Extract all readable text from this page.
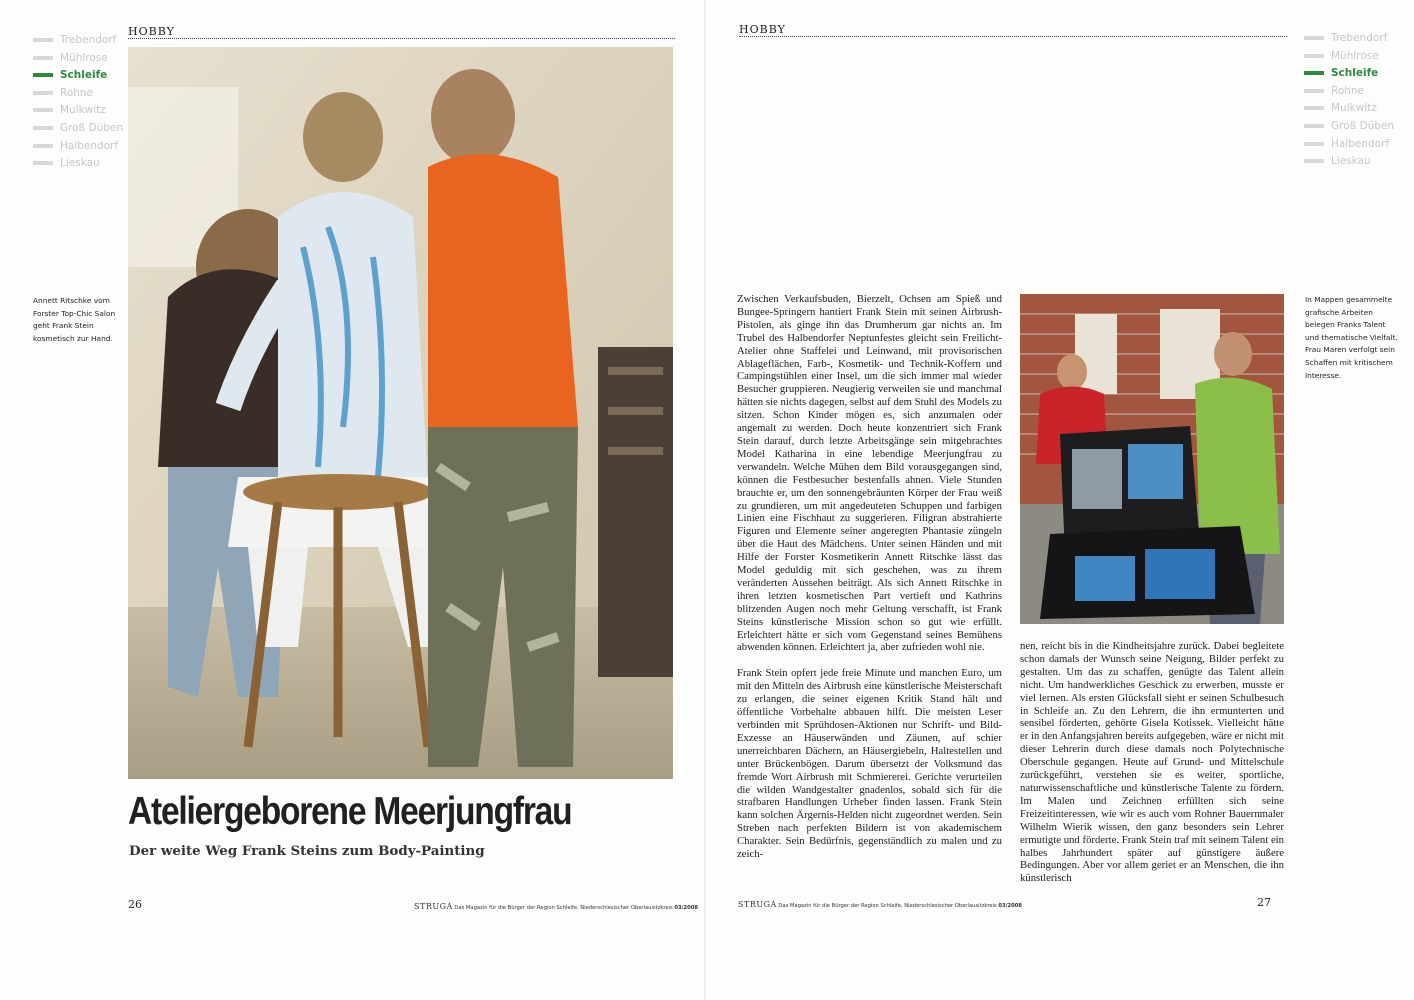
Trebendorf
Mühlrose
Schleife
Rohne
Mulkwitz
Groß Düben
Halbendorf
Lieskau
HOBBY
Annett Ritschke vom Forster Top-Chic Salon geht Frank Stein kosmetisch zur Hand.
Ateliergeborene Meerjungfrau
Der weite Weg Frank Steins zum Body-Painting
26	STRUGA Das Magazin für die Bürger der Region Schleife, Niederschlesischer Oberlausitzkreis 03/2008
HOBBY
Trebendorf
Mühlrose
Schleife
Rohne
Mulkwitz
Groß Düben
Halbendorf
Lieskau

Zwischen Verkaufsbuden, Bierzelt, Ochsen am Spieß und Bungee-Springern hantiert Frank Stein mit seinen Airbrush-Pistolen, als ginge ihn das Drumherum gar nichts an. Im Trubel des Halbendorfer Neptunfestes gleicht sein Freilicht-Atelier ohne Staffelei und Leinwand, mit provisorischen Ablageflächen, Farb-, Kosmetik- und Technik-Koffern und Campingstühlen einer Insel, um die sich immer mal wieder Besucher gruppieren. Neugierig verweilen sie und manchmal hätten sie nichts dagegen, selbst auf dem Stuhl des Models zu sitzen. Schon Kinder mögen es, sich anzumalen oder angemalt zu werden. Doch heute konzentriert sich Frank Stein darauf, durch letzte Arbeitsgänge sein mitgebrachtes Model Katharina in eine lebendige Meerjungfrau zu verwandeln. Welche Mühen dem Bild vorausgegangen sind, können die Festbesucher bestenfalls ahnen. Viele Stunden brauchte er, um den sonnengebräunten Körper der Frau weiß zu grundieren, um mit angedeuteten Schuppen und farbigen Linien eine Fischhaut zu suggerieren. Filigran abstrahierte Figuren und Elemente seiner angeregten Phantasie züngeln über die Haut des Mädchens. Unter seinen Händen und mit Hilfe der Forster Kosmetikerin Annett Ritschke lässt das Model geduldig mit sich geschehen, was zu ihrem veränderten Aussehen beiträgt. Als sich Annett Ritschke in ihren letzten kosmetischen Part vertieft und Kathrins blitzenden Augen noch mehr Geltung verschafft, ist Frank Steins künstlerische Mission schon so gut wie erfüllt. Erleichtert hätte er sich vom Gegenstand seines Bemühens abwenden können. Erleichtert ja, aber zufrieden wohl nie.

Frank Stein opfert jede freie Minute und manchen Euro, um mit den Mitteln des Airbrush eine künstlerische Meisterschaft zu erlangen, die seiner eigenen Kritik Stand hält und öffentliche Vorbehalte abbauen hilft. Die meisten Leser verbinden mit Sprühdosen-Aktionen nur Schrift- und Bild-Exzesse an Häuserwänden und Zäunen, auf schier unerreichbaren Dächern, an Häusergiebeln, Haltestellen und unter Brückenbögen. Darum übersetzt der Volksmund das fremde Wort Airbrush mit Schmiererei. Gerichte verurteilen die wilden Wandgestalter gnadenlos, sobald sich für die strafbaren Handlungen Urheber finden lassen. Frank Stein kann solchen Ärgernis-Helden nicht zugeordnet werden. Sein Streben nach perfekten Bildern ist von akademischem Charakter. Sein Bedürfnis, gegenständlich zu malen und zu zeich-

In Mappen gesammelte grafische Arbeiten belegen Franks Talent und thematische Vielfalt. Frau Maren verfolgt sein Schaffen mit kritischem Interesse.

nen, reicht bis in die Kindheitsjahre zurück. Dabei begleitete schon damals der Wunsch seine Neigung, Bilder perfekt zu gestalten. Um das zu schaffen, genügte das Talent allein nicht. Um handwerkliches Geschick zu erwerben, musste er viel lernen. Als ersten Glücksfall sieht er seinen Schulbesuch in Schleife an. Zu den Lehrern, die ihn ermunterten und sensibel förderten, gehörte Gisela Kotissek. Vielleicht hätte er in den Anfangsjahren bereits aufgegeben, wäre er nicht mit dieser Lehrerin durch diese damals noch Polytechnische Oberschule gegangen. Heute auf Grund- und Mittelschule zurückgeführt, verstehen sie es weiter, sportliche, naturwissenschaftliche und künstlerische Talente zu fördern. Im Malen und Zeichnen erfüllten sich seine Freizeitinteressen, wie wir es auch vom Rohner Bauernmaler Wilhelm Wierik wissen, den ganz besonders sein Lehrer ermutigte und förderte. Frank Stein traf mit seinem Talent ein halbes Jahrhundert später auf günstigere äußere Bedingungen. Aber vor allem geriet er an Menschen, die ihn künstlerisch

STRUGA Das Magazin für die Bürger der Region Schleife, Niederschlesischer Oberlausitzkreis 03/2008	27
